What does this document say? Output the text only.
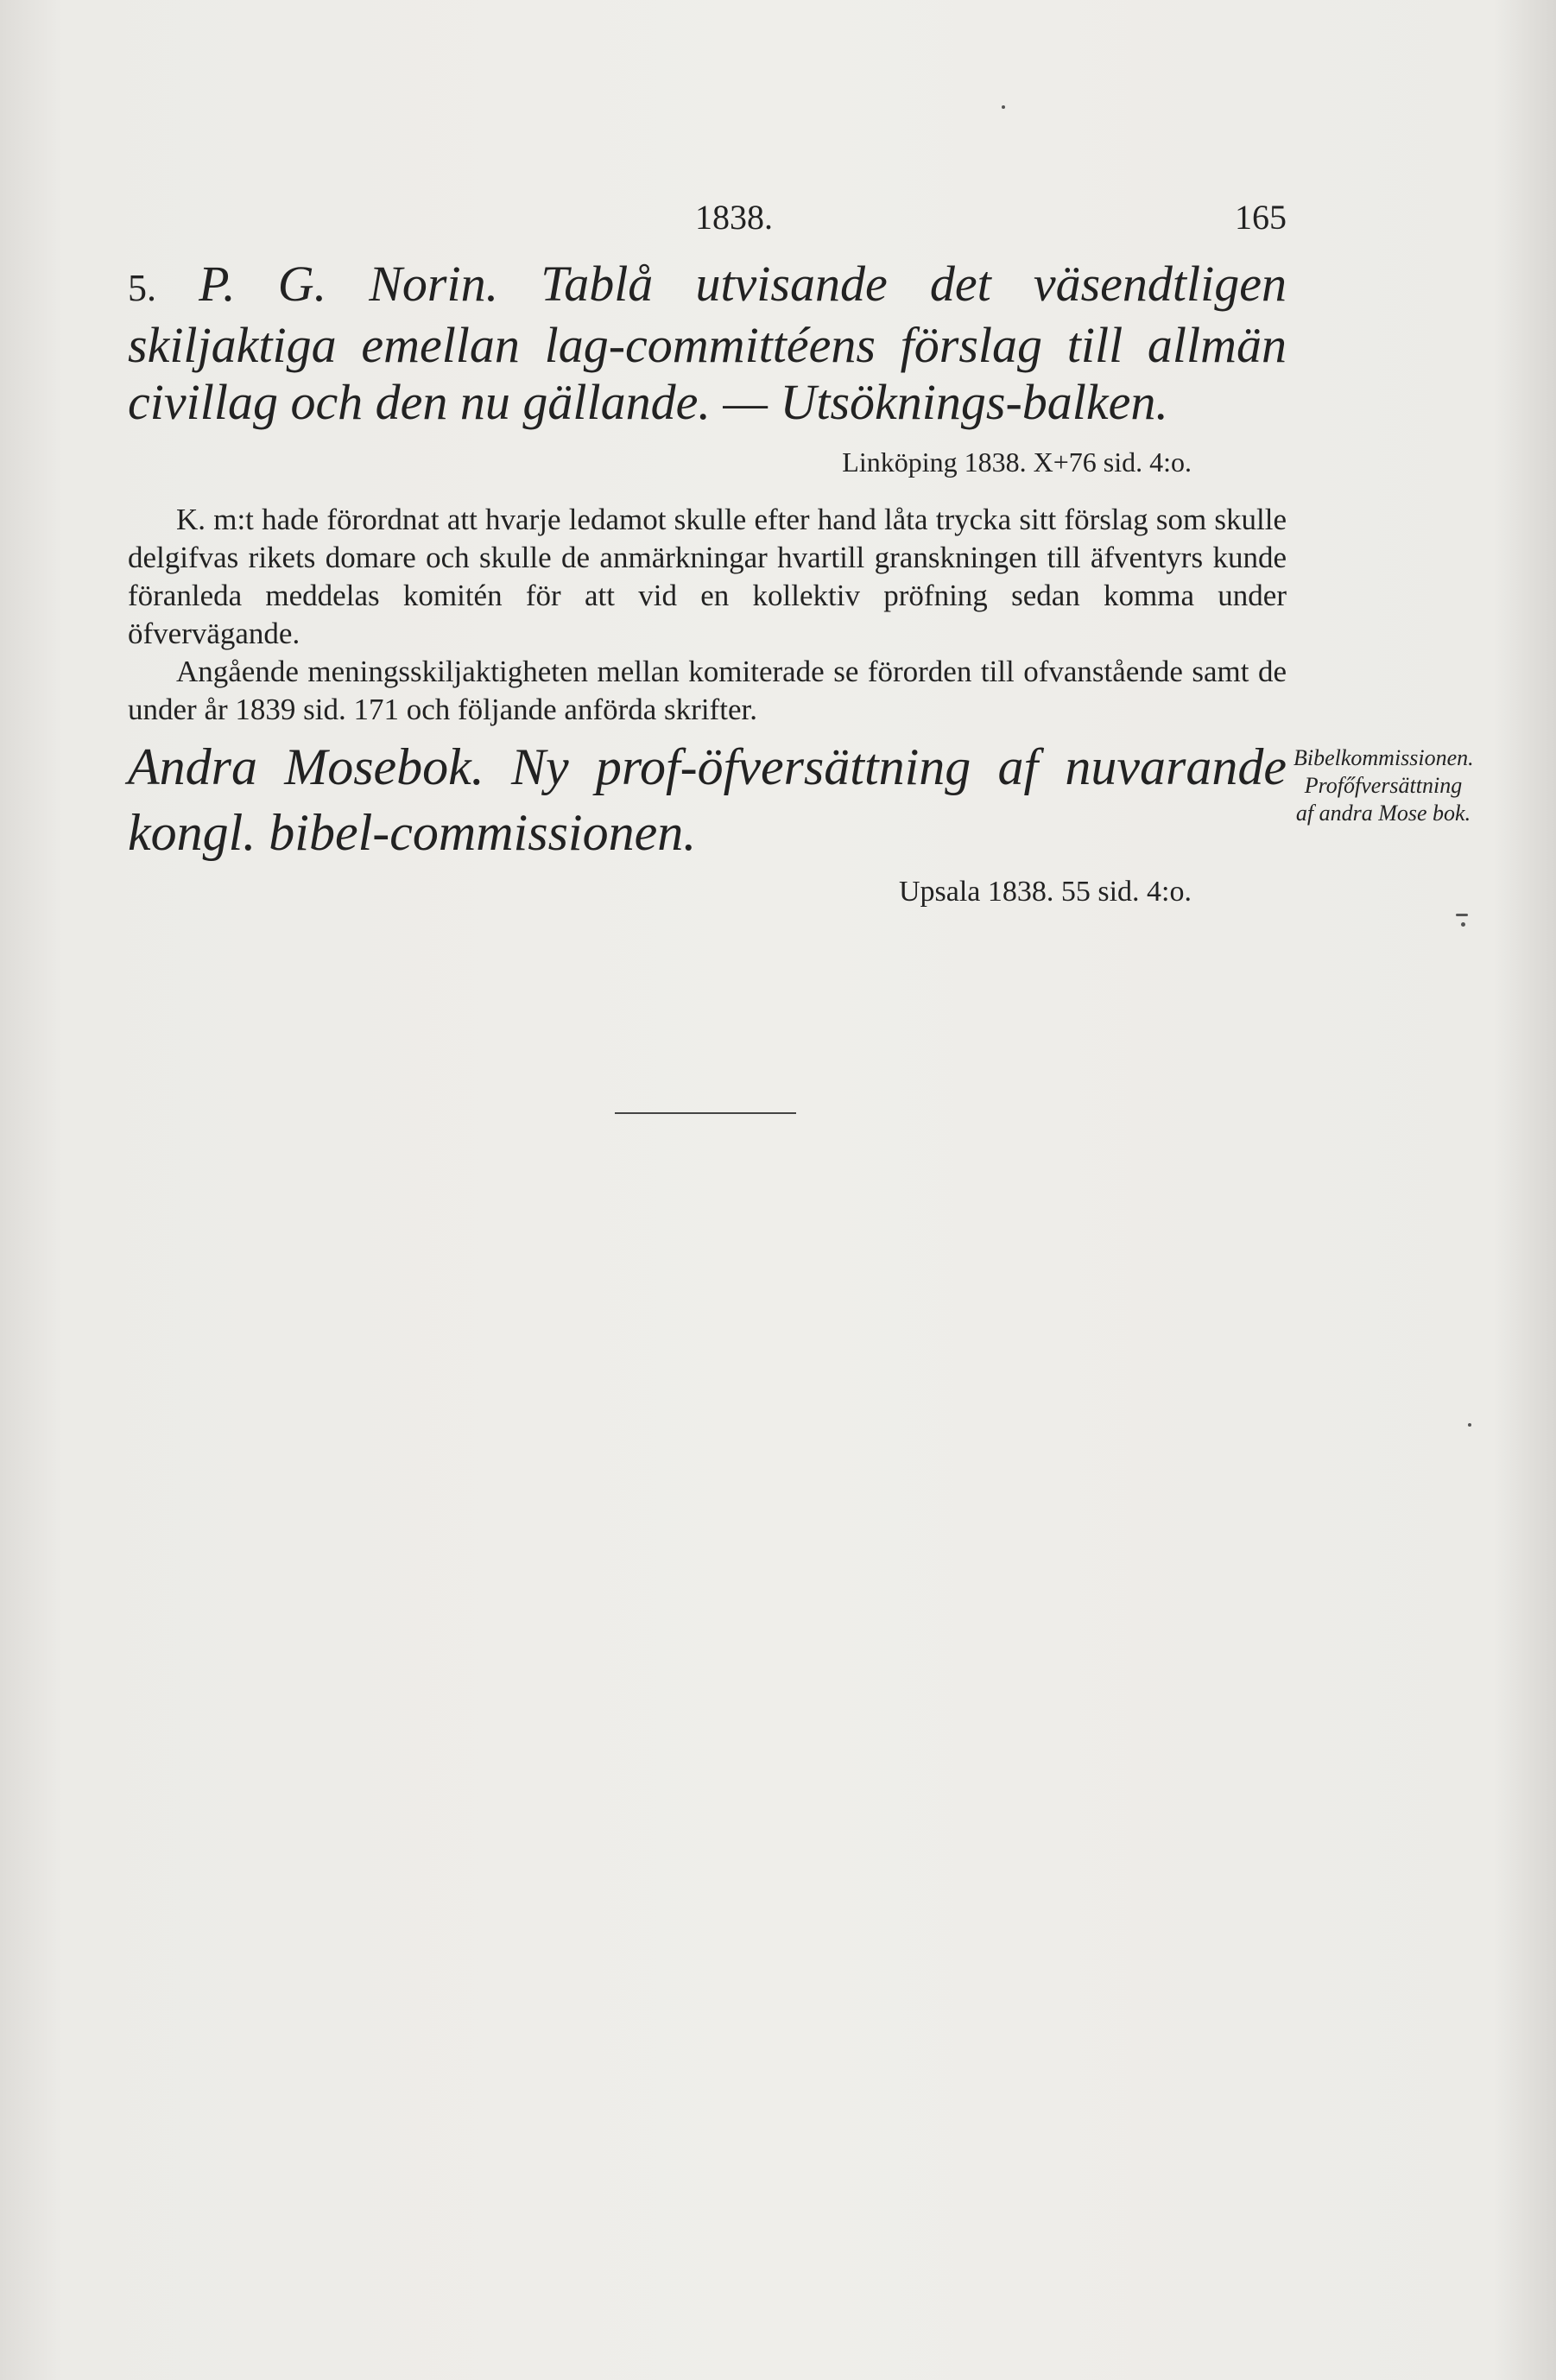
1838.	165

5. P. G. Norin. Tablå utvisande det väsendtligen skiljaktiga emellan lag-committéens förslag till allmän civillag och den nu gällande. — Utsöknings-balken.

Linköping 1838. X+76 sid. 4:o.

K. m:t hade förordnat att hvarje ledamot skulle efter hand låta trycka sitt förslag som skulle delgifvas rikets domare och skulle de anmärkningar hvartill granskningen till äfventyrs kunde föranleda meddelas komitén för att vid en kollektiv pröfning sedan komma under öfvervägande.

Angående meningsskiljaktigheten mellan komiterade se förorden till ofvanstående samt de under år 1839 sid. 171 och följande anförda skrifter.

Andra Mosebok. Ny prof-öfversättning af nuvarande kongl. bibel-commissionen.

Upsala 1838. 55 sid. 4:o.
Bibelkommissionen. Profőfversättning af andra Mose bok.
